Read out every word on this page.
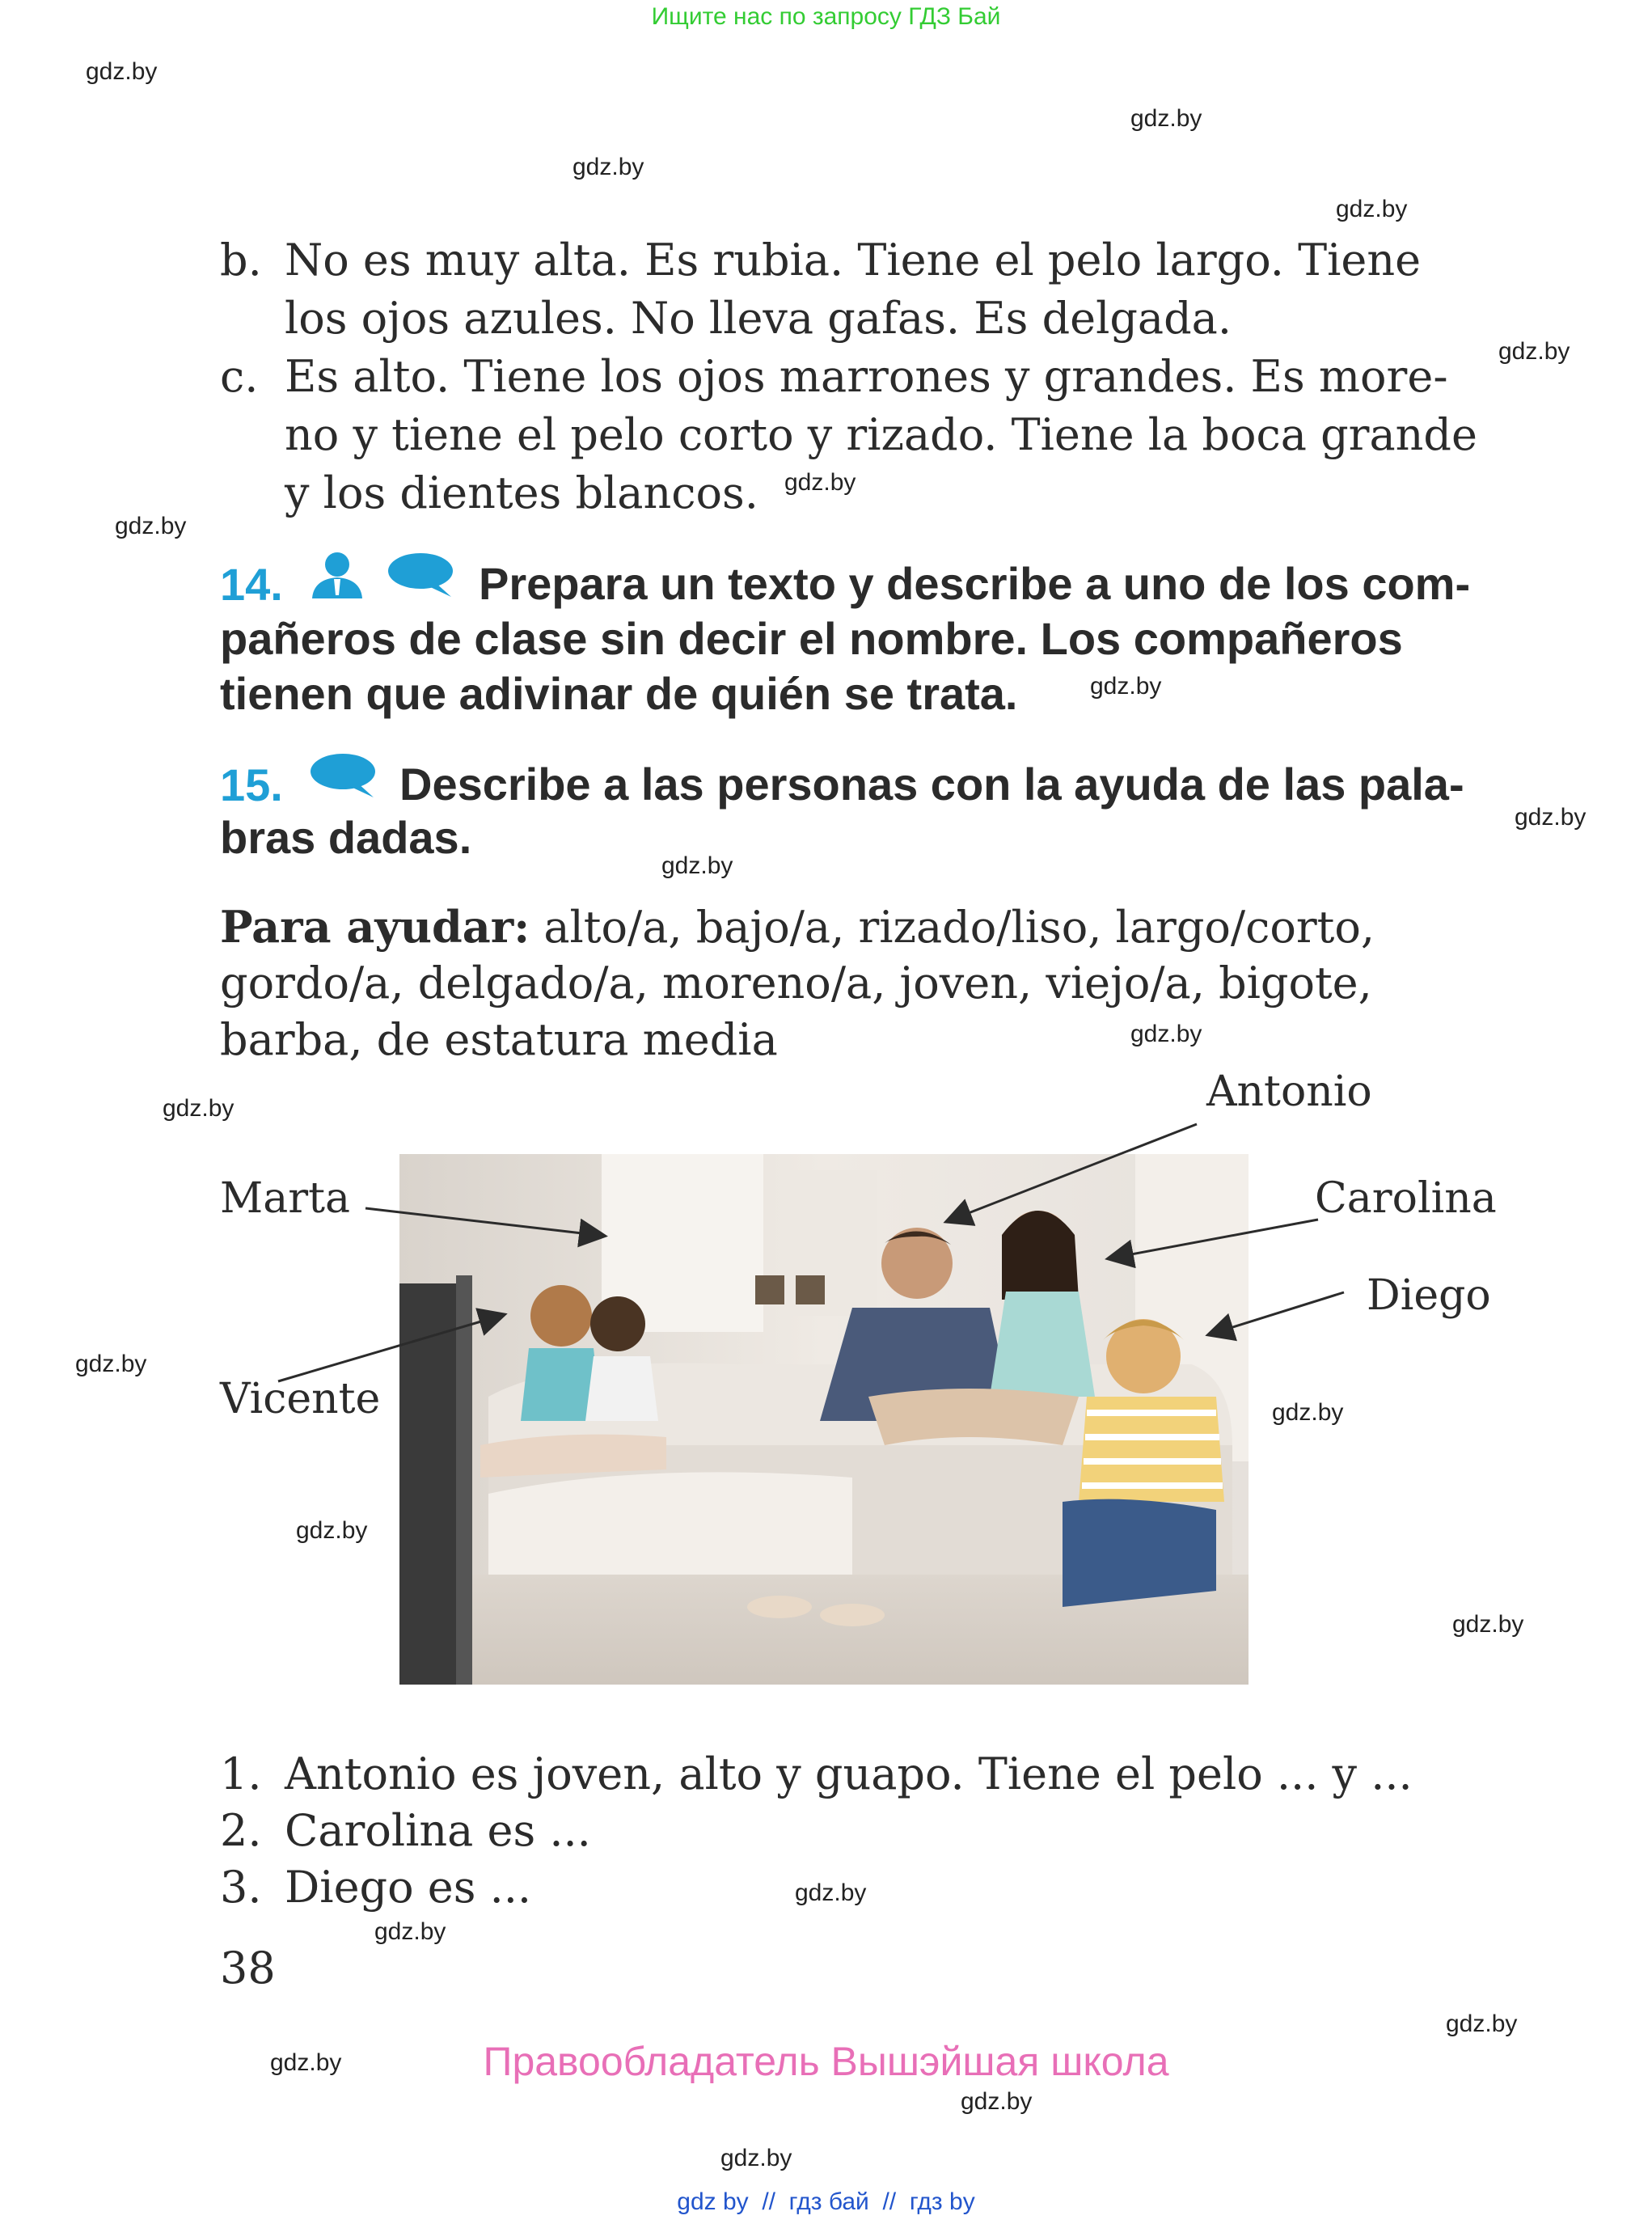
Ищите нас по запросу ГДЗ Бай
gdz.by
gdz.by
gdz.by
gdz.by
gdz.by
gdz.by
gdz.by
gdz.by
gdz.by
gdz.by
gdz.by
gdz.by
gdz.by
gdz.by
gdz.by
gdz.by
gdz.by
gdz.by
gdz.by
gdz.by
gdz.by
gdz.by
b. No es muy alta. Es rubia. Tiene el pelo largo. Tiene
los ojos azules. No lleva gafas. Es delgada.
c. Es alto. Tiene los ojos marrones y grandes. Es more-
no y tiene el pelo corto y rizado. Tiene la boca grande
y los dientes blancos.
14.	Prepara un texto y describe a uno de los com-
pañeros de clase sin decir el nombre. Los compañeros
tienen que adivinar de quién se trata.
15.	Describe a las personas con la ayuda de las pala-
bras dadas.
Para ayudar: alto/a, bajo/a, rizado/liso, largo/corto,
gordo/a, delgado/a, moreno/a, joven, viejo/a, bigote,
barba, de estatura media
Antonio
Marta	Carolina
Diego
Vicente
1. Antonio es joven, alto y guapo. Tiene el pelo ... y ...
2. Carolina es ...
3. Diego es ...
38
Правообладатель Вышэйшая школа
gdz by  //  гдз бай  //  гдз by
